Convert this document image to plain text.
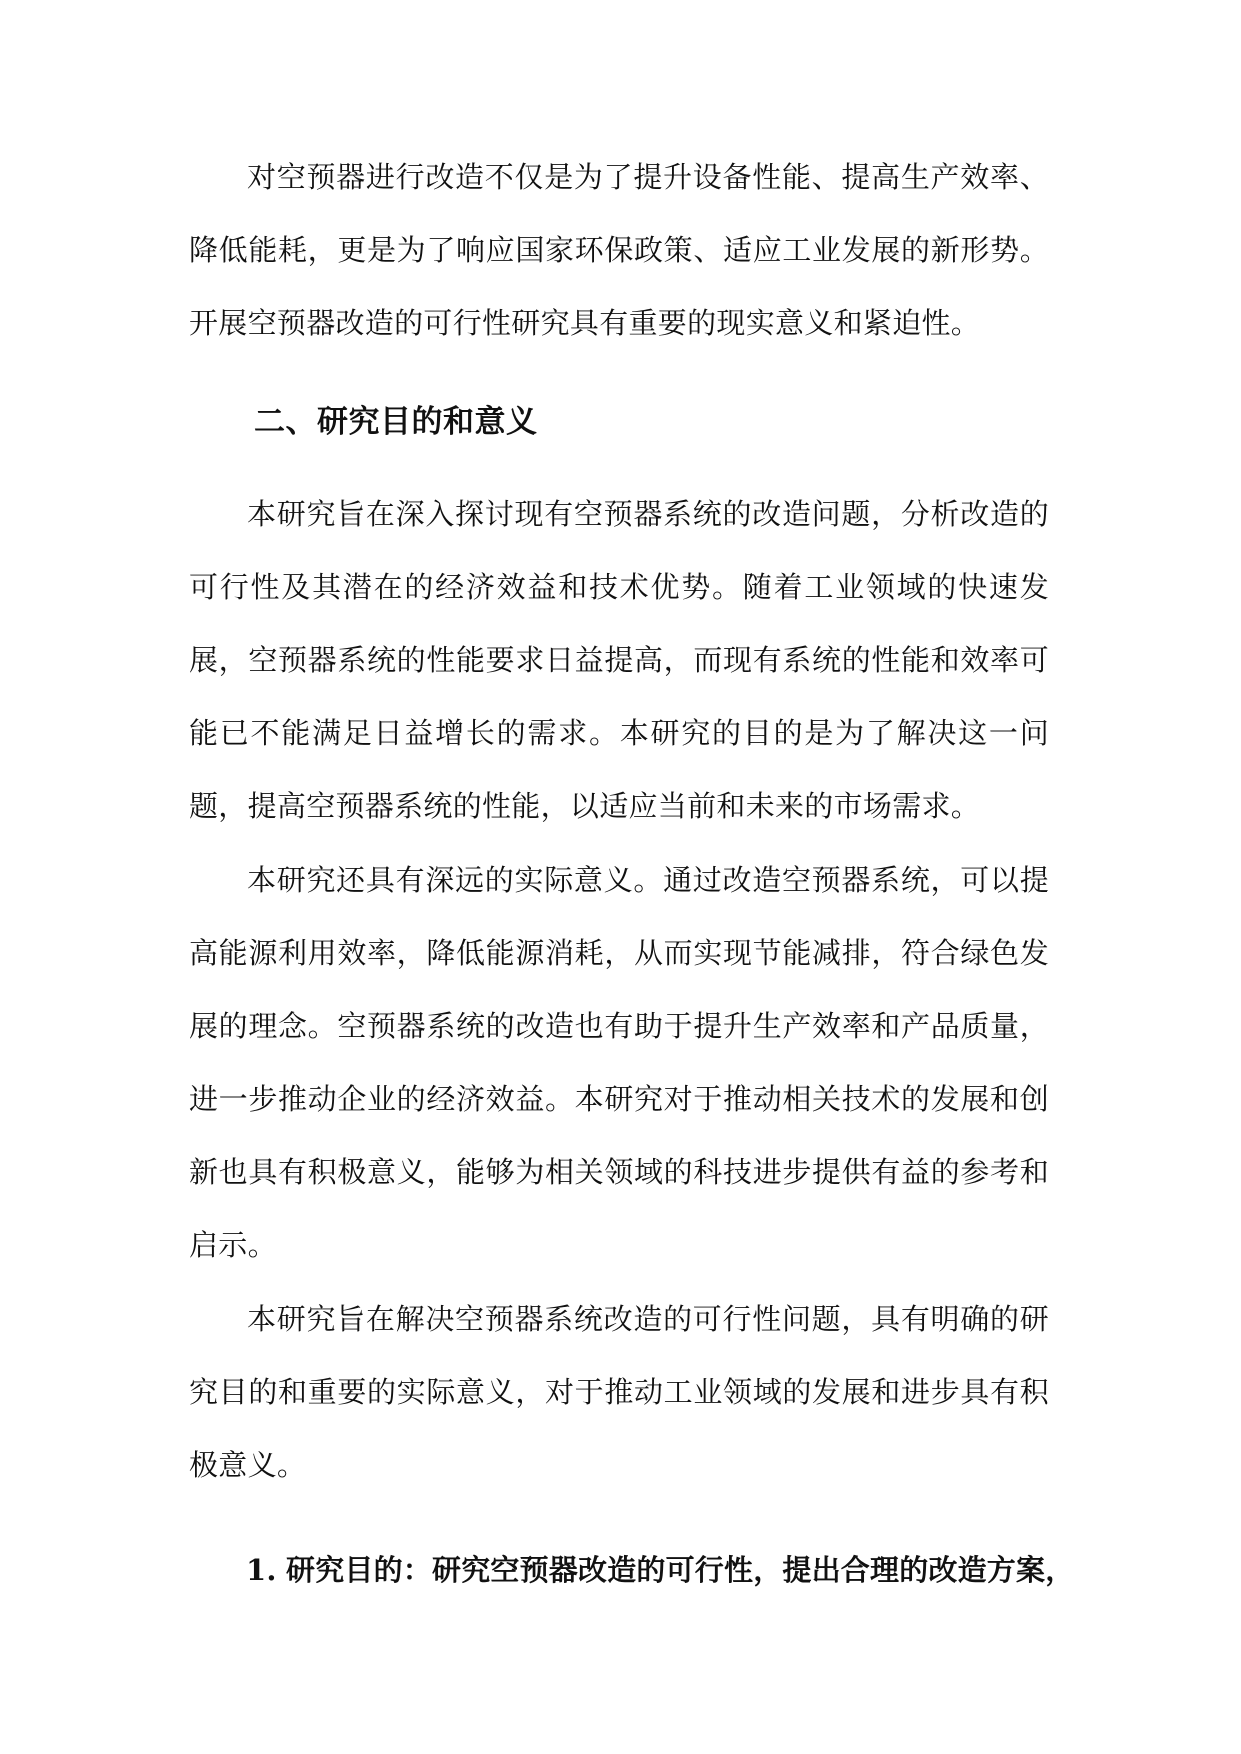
对空预器进行改造不仅是为了提升设备性能、提高生产效率、降低能耗，更是为了响应国家环保政策、适应工业发展的新形势。开展空预器改造的可行性研究具有重要的现实意义和紧迫性。

二、研究目的和意义

本研究旨在深入探讨现有空预器系统的改造问题，分析改造的可行性及其潜在的经济效益和技术优势。随着工业领域的快速发展，空预器系统的性能要求日益提高，而现有系统的性能和效率可能已不能满足日益增长的需求。本研究的目的是为了解决这一问题，提高空预器系统的性能，以适应当前和未来的市场需求。

本研究还具有深远的实际意义。通过改造空预器系统，可以提高能源利用效率，降低能源消耗，从而实现节能减排，符合绿色发展的理念。空预器系统的改造也有助于提升生产效率和产品质量，进一步推动企业的经济效益。本研究对于推动相关技术的发展和创新也具有积极意义，能够为相关领域的科技进步提供有益的参考和启示。

本研究旨在解决空预器系统改造的可行性问题，具有明确的研究目的和重要的实际意义，对于推动工业领域的发展和进步具有积极意义。

1. 研究目的：研究空预器改造的可行性，提出合理的改造方案，
